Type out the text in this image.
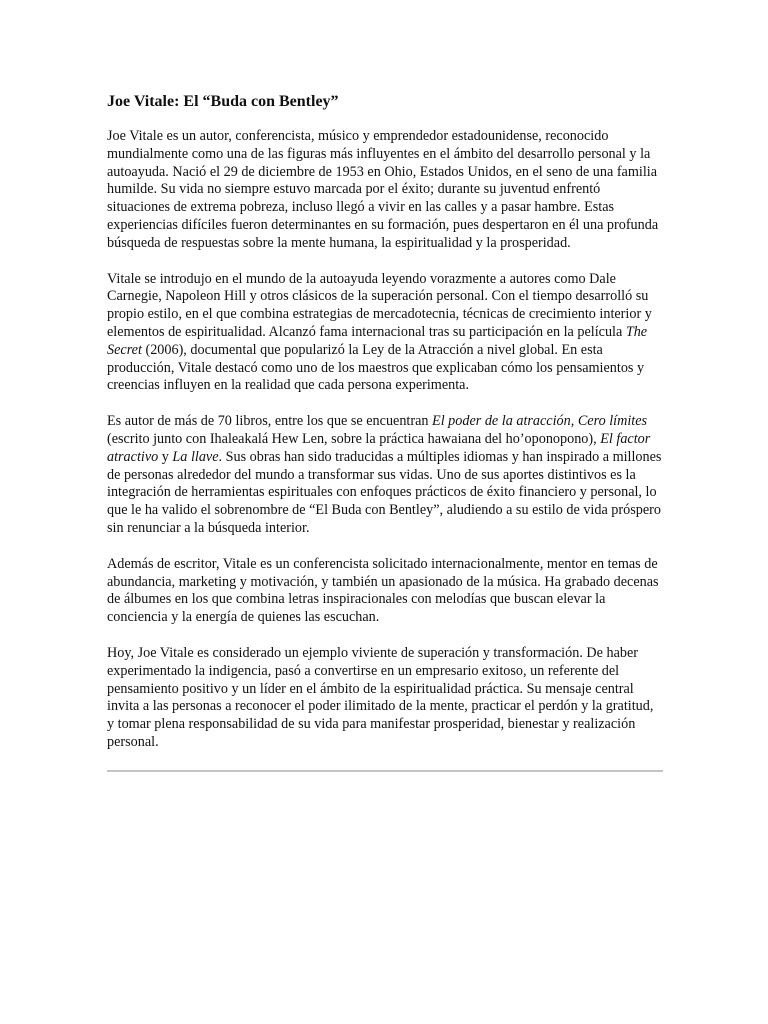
Joe Vitale: El “Buda con Bentley”

Joe Vitale es un autor, conferencista, músico y emprendedor estadounidense, reconocido mundialmente como una de las figuras más influyentes en el ámbito del desarrollo personal y la autoayuda. Nació el 29 de diciembre de 1953 en Ohio, Estados Unidos, en el seno de una familia humilde. Su vida no siempre estuvo marcada por el éxito; durante su juventud enfrentó situaciones de extrema pobreza, incluso llegó a vivir en las calles y a pasar hambre. Estas experiencias difíciles fueron determinantes en su formación, pues despertaron en él una profunda búsqueda de respuestas sobre la mente humana, la espiritualidad y la prosperidad.

Vitale se introdujo en el mundo de la autoayuda leyendo vorazmente a autores como Dale Carnegie, Napoleon Hill y otros clásicos de la superación personal. Con el tiempo desarrolló su propio estilo, en el que combina estrategias de mercadotecnia, técnicas de crecimiento interior y elementos de espiritualidad. Alcanzó fama internacional tras su participación en la película The Secret (2006), documental que popularizó la Ley de la Atracción a nivel global. En esta producción, Vitale destacó como uno de los maestros que explicaban cómo los pensamientos y creencias influyen en la realidad que cada persona experimenta.

Es autor de más de 70 libros, entre los que se encuentran El poder de la atracción, Cero límites (escrito junto con Ihaleakalá Hew Len, sobre la práctica hawaiana del ho’oponopono), El factor atractivo y La llave. Sus obras han sido traducidas a múltiples idiomas y han inspirado a millones de personas alrededor del mundo a transformar sus vidas. Uno de sus aportes distintivos es la integración de herramientas espirituales con enfoques prácticos de éxito financiero y personal, lo que le ha valido el sobrenombre de “El Buda con Bentley”, aludiendo a su estilo de vida próspero sin renunciar a la búsqueda interior.

Además de escritor, Vitale es un conferencista solicitado internacionalmente, mentor en temas de abundancia, marketing y motivación, y también un apasionado de la música. Ha grabado decenas de álbumes en los que combina letras inspiracionales con melodías que buscan elevar la conciencia y la energía de quienes las escuchan.

Hoy, Joe Vitale es considerado un ejemplo viviente de superación y transformación. De haber experimentado la indigencia, pasó a convertirse en un empresario exitoso, un referente del pensamiento positivo y un líder en el ámbito de la espiritualidad práctica. Su mensaje central invita a las personas a reconocer el poder ilimitado de la mente, practicar el perdón y la gratitud, y tomar plena responsabilidad de su vida para manifestar prosperidad, bienestar y realización personal.
